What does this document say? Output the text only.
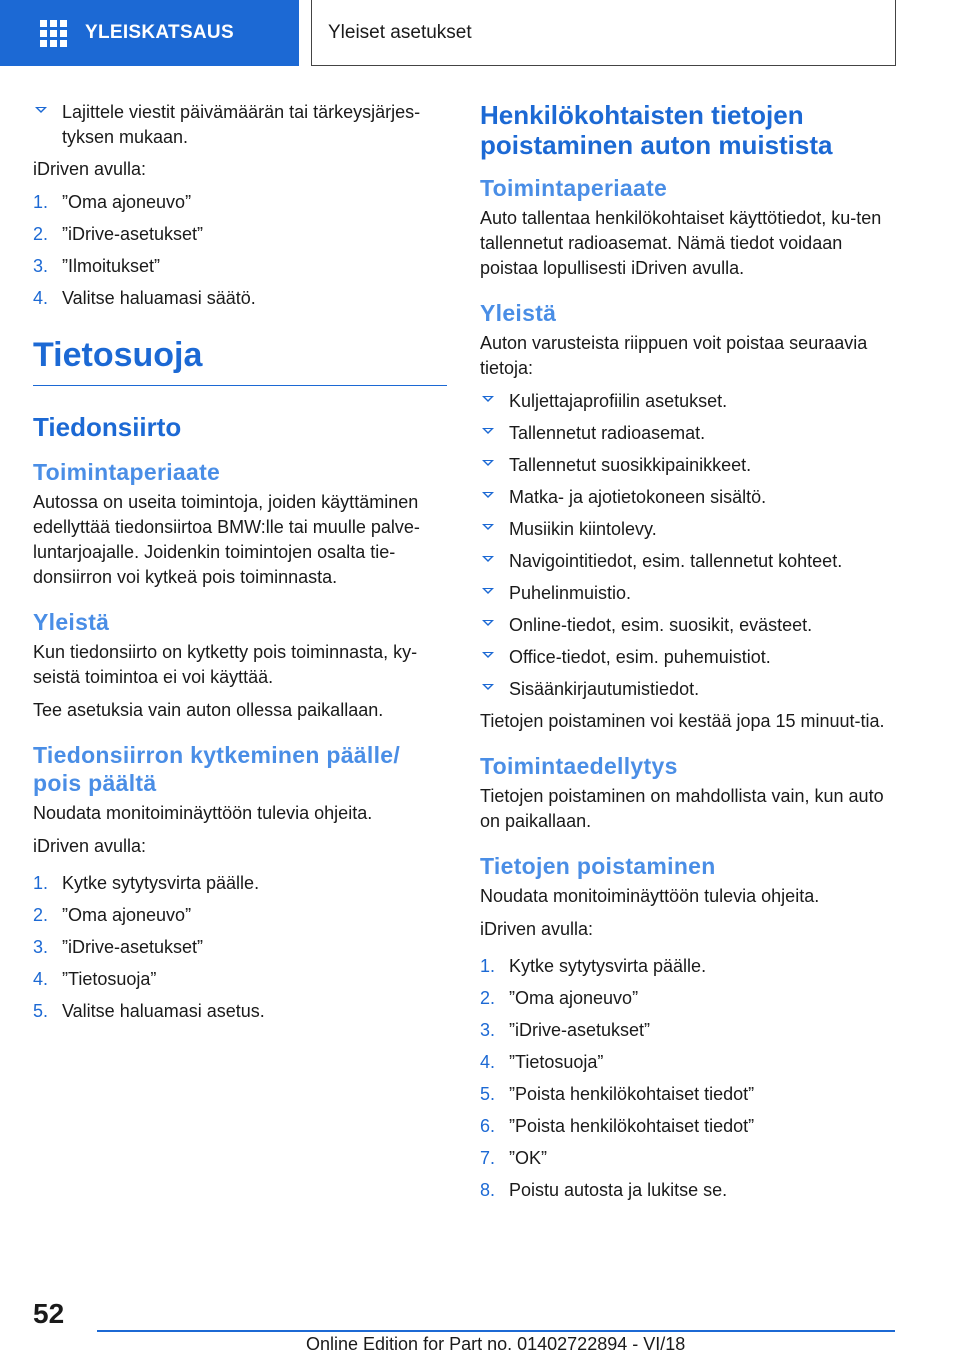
YLEISKATSAUS	Yleiset asetukset
Lajittele viestit päivämäärän tai tärkeysjärjes-tyksen mukaan.

iDriven avulla:

1. ”Oma ajoneuvo”
2. ”iDrive-asetukset”
3. ”Ilmoitukset”
4. Valitse haluamasi säätö.
Tietosuoja
Tiedonsiirto
Toimintaperiaate

Autossa on useita toimintoja, joiden käyttäminen edellyttää tiedonsiirtoa BMW:lle tai muulle palve-luntarjoajalle. Joidenkin toimintojen osalta tie-donsiirron voi kytkeä pois toiminnasta.

Yleistä

Kun tiedonsiirto on kytketty pois toiminnasta, ky-seistä toimintoa ei voi käyttää.

Tee asetuksia vain auton ollessa paikallaan.

Tiedonsiirron kytkeminen päälle/ pois päältä

Noudata monitoiminäyttöön tulevia ohjeita.

iDriven avulla:

1. Kytke sytytysvirta päälle.
2. ”Oma ajoneuvo”
3. ”iDrive-asetukset”
4. ”Tietosuoja”
5. Valitse haluamasi asetus.
Henkilökohtaisten tietojen poistaminen auton muistista
Toimintaperiaate

Auto tallentaa henkilökohtaiset käyttötiedot, ku-ten tallennetut radioasemat. Nämä tiedot voidaan poistaa lopullisesti iDriven avulla.

Yleistä

Auton varusteista riippuen voit poistaa seuraavia tietoja:

Kuljettajaprofiilin asetukset.
Tallennetut radioasemat.
Tallennetut suosikkipainikkeet.
Matka- ja ajotietokoneen sisältö.
Musiikin kiintolevy.
Navigointitiedot, esim. tallennetut kohteet.
Puhelinmuistio.
Online-tiedot, esim. suosikit, evästeet.
Office-tiedot, esim. puhemuistiot.
Sisäänkirjautumistiedot.

Tietojen poistaminen voi kestää jopa 15 minuut-tia.

Toimintaedellytys

Tietojen poistaminen on mahdollista vain, kun auto on paikallaan.

Tietojen poistaminen

Noudata monitoiminäyttöön tulevia ohjeita.

iDriven avulla:

1. Kytke sytytysvirta päälle.
2. ”Oma ajoneuvo”
3. ”iDrive-asetukset”
4. ”Tietosuoja”
5. ”Poista henkilökohtaiset tiedot”
6. ”Poista henkilökohtaiset tiedot”
7. ”OK”
8. Poistu autosta ja lukitse se.
52
Online Edition for Part no. 01402722894 - VI/18
